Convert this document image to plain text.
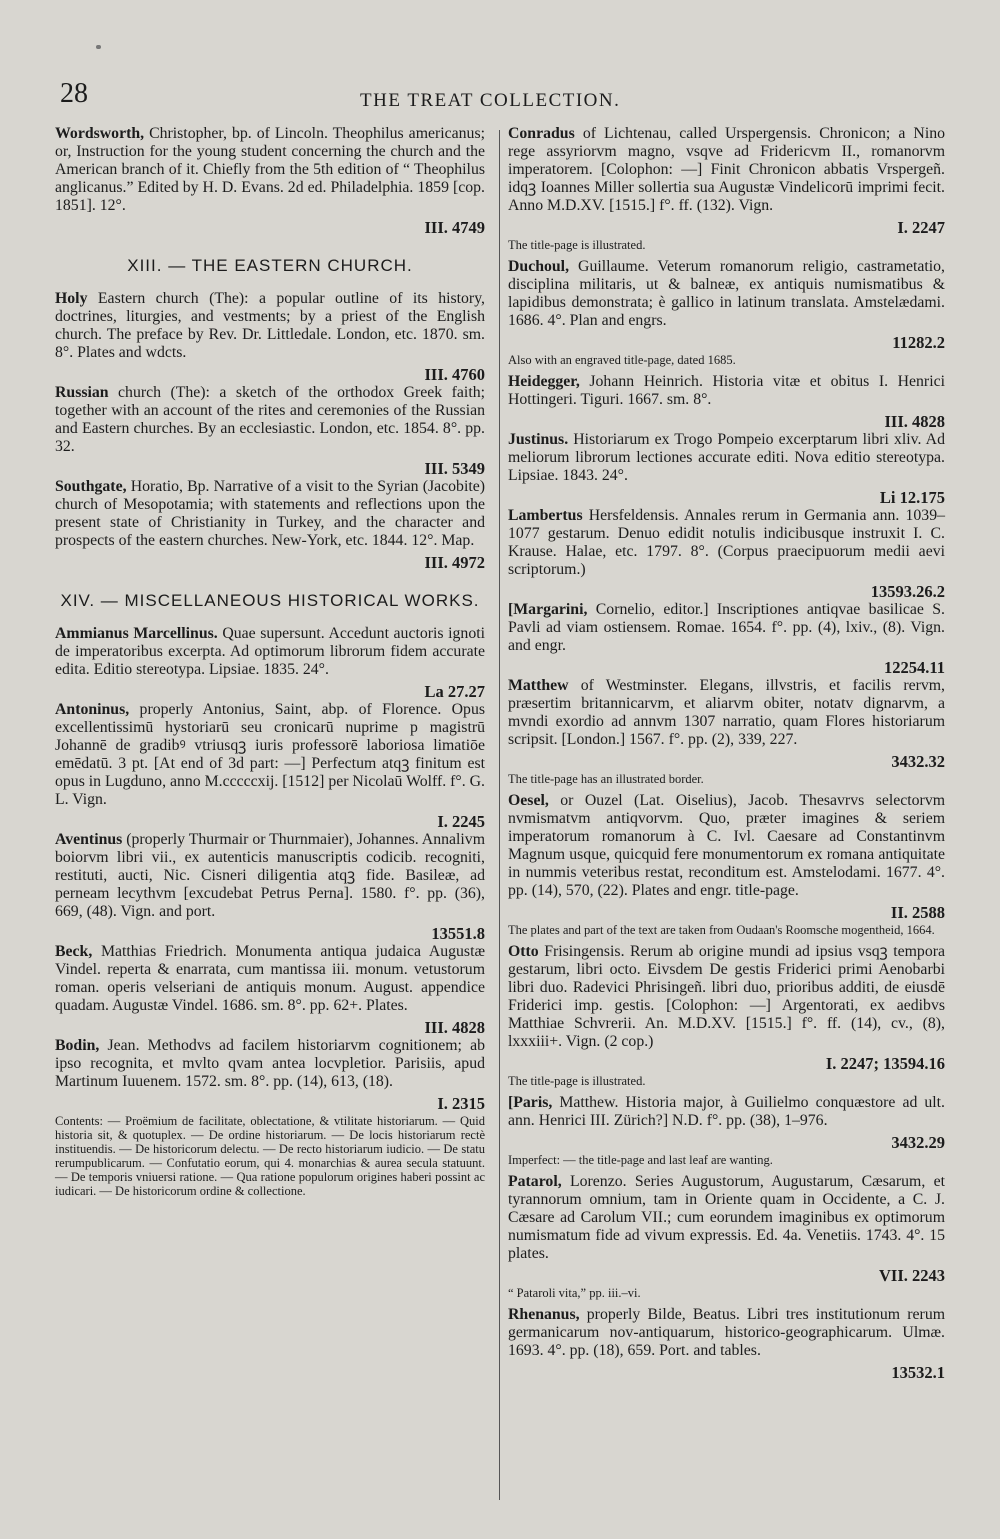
28	THE TREAT COLLECTION.
Wordsworth, Christopher, bp. of Lincoln. Theophilus americanus; or, Instruction for the young student concerning the church and the American branch of it. Chiefly from the 5th edition of “ Theophilus anglicanus.” Edited by H. D. Evans. 2d ed. Philadelphia. 1859 [cop. 1851]. 12°.
III. 4749
XIII. — THE EASTERN CHURCH.
Holy Eastern church (The): a popular outline of its history, doctrines, liturgies, and vestments; by a priest of the English church. The preface by Rev. Dr. Littledale. London, etc. 1870. sm. 8°. Plates and wdcts.
III. 4760
Russian church (The): a sketch of the orthodox Greek faith; together with an account of the rites and ceremonies of the Russian and Eastern churches. By an ecclesiastic. London, etc. 1854. 8°. pp. 32.
III. 5349
Southgate, Horatio, Bp. Narrative of a visit to the Syrian (Jacobite) church of Mesopotamia; with statements and reflections upon the present state of Christianity in Turkey, and the character and prospects of the eastern churches. New-York, etc. 1844. 12°. Map.
III. 4972
XIV. — MISCELLANEOUS HISTORICAL WORKS.
Ammianus Marcellinus. Quae supersunt. Accedunt auctoris ignoti de imperatoribus excerpta. Ad optimorum librorum fidem accurate edita. Editio stereotypa. Lipsiae. 1835. 24°.
La 27.27
Antoninus, properly Antonius, Saint, abp. of Florence. Opus excellentissimū hystoriarū seu cronicarū nuprime p magistrū Johannē de gradibꝰ vtriusqꝫ iuris professorē laboriosa limatiōe emēdatū. 3 pt. [At end of 3d part: —] Perfectum atqꝫ finitum est opus in Lugduno, anno M.cccccxij. [1512] per Nicolaū Wolff. f°. G. L. Vign.
I. 2245
Aventinus (properly Thurmair or Thurnmaier), Johannes. Annalivm boiorvm libri vii., ex autenticis manuscriptis codicib. recogniti, restituti, aucti, Nic. Cisneri diligentia atqꝫ fide. Basileæ, ad perneam lecythvm [excudebat Petrus Perna]. 1580. f°. pp. (36), 669, (48). Vign. and port.
13551.8
Beck, Matthias Friedrich. Monumenta antiqua judaica Augustæ Vindel. reperta & enarrata, cum mantissa iii. monum. vetustorum roman. operis velseriani de antiquis monum. August. appendice quadam. Augustæ Vindel. 1686. sm. 8°. pp. 62+. Plates.
III. 4828
Bodin, Jean. Methodvs ad facilem historiarvm cognitionem; ab ipso recognita, et mvlto qvam antea locvpletior. Parisiis, apud Martinum Iuuenem. 1572. sm. 8°. pp. (14), 613, (18).
I. 2315
Contents: — Proëmium de facilitate, oblectatione, & vtilitate historiarum. — Quid historia sit, & quotuplex. — De ordine historiarum. — De locis historiarum rectè instituendis. — De historicorum delectu. — De recto historiarum iudicio. — De statu rerumpublicarum. — Confutatio eorum, qui 4. monarchias & aurea secula statuunt. — De temporis vniuersi ratione. — Qua ratione populorum origines haberi possint ac iudicari. — De historicorum ordine & collectione.
Conradus of Lichtenau, called Urspergensis. Chronicon; a Nino rege assyriorvm magno, vsqve ad Fridericvm II., romanorvm imperatorem. [Colophon: —] Finit Chronicon abbatis Vrspergeñ. idqꝫ Ioannes Miller sollertia sua Augustæ Vindelicorū imprimi fecit. Anno M.D.XV. [1515.] f°. ff. (132). Vign.
I. 2247
The title-page is illustrated.
Duchoul, Guillaume. Veterum romanorum religio, castrametatio, disciplina militaris, ut & balneæ, ex antiquis numismatibus & lapidibus demonstrata; è gallico in latinum translata. Amstelædami. 1686. 4°. Plan and engrs.
11282.2
Also with an engraved title-page, dated 1685.
Heidegger, Johann Heinrich. Historia vitæ et obitus I. Henrici Hottingeri. Tiguri. 1667. sm. 8°.
III. 4828
Justinus. Historiarum ex Trogo Pompeio excerptarum libri xliv. Ad meliorum librorum lectiones accurate editi. Nova editio stereotypa. Lipsiae. 1843. 24°.
Li 12.175
Lambertus Hersfeldensis. Annales rerum in Germania ann. 1039–1077 gestarum. Denuo edidit notulis indicibusque instruxit I. C. Krause. Halae, etc. 1797. 8°. (Corpus praecipuorum medii aevi scriptorum.)
13593.26.2
[Margarini, Cornelio, editor.] Inscriptiones antiqvae basilicae S. Pavli ad viam ostiensem. Romae. 1654. f°. pp. (4), lxiv., (8). Vign. and engr.
12254.11
Matthew of Westminster. Elegans, illvstris, et facilis rervm, præsertim britannicarvm, et aliarvm obiter, notatv dignarvm, a mvndi exordio ad annvm 1307 narratio, quam Flores historiarum scripsit. [London.] 1567. f°. pp. (2), 339, 227.
3432.32
The title-page has an illustrated border.
Oesel, or Ouzel (Lat. Oiselius), Jacob. Thesavrvs selectorvm nvmismatvm antiqvorvm. Quo, præter imagines & seriem imperatorum romanorum à C. Ivl. Caesare ad Constantinvm Magnum usque, quicquid fere monumentorum ex romana antiquitate in nummis veteribus restat, reconditum est. Amstelodami. 1677. 4°. pp. (14), 570, (22). Plates and engr. title-page.
II. 2588
The plates and part of the text are taken from Oudaan's Roomsche mogentheid, 1664.
Otto Frisingensis. Rerum ab origine mundi ad ipsius vsqꝫ tempora gestarum, libri octo. Eivsdem De gestis Friderici primi Aenobarbi libri duo. Radevici Phrisingeñ. libri duo, prioribus additi, de eiusdē Friderici imp. gestis. [Colophon: —] Argentorati, ex aedibvs Matthiae Schvrerii. An. M.D.XV. [1515.] f°. ff. (14), cv., (8), lxxxiii+. Vign. (2 cop.)
I. 2247; 13594.16
The title-page is illustrated.
[Paris, Matthew. Historia major, à Guilielmo conquæstore ad ult. ann. Henrici III. Zürich?] N.D. f°. pp. (38), 1–976.
3432.29
Imperfect: — the title-page and last leaf are wanting.
Patarol, Lorenzo. Series Augustorum, Augustarum, Cæsarum, et tyrannorum omnium, tam in Oriente quam in Occidente, a C. J. Cæsare ad Carolum VII.; cum eorundem imaginibus ex optimorum numismatum fide ad vivum expressis. Ed. 4a. Venetiis. 1743. 4°. 15 plates.
VII. 2243
“ Pataroli vita,” pp. iii.–vi.
Rhenanus, properly Bilde, Beatus. Libri tres institutionum rerum germanicarum nov-antiquarum, historico-geographicarum. Ulmæ. 1693. 4°. pp. (18), 659. Port. and tables.
13532.1
